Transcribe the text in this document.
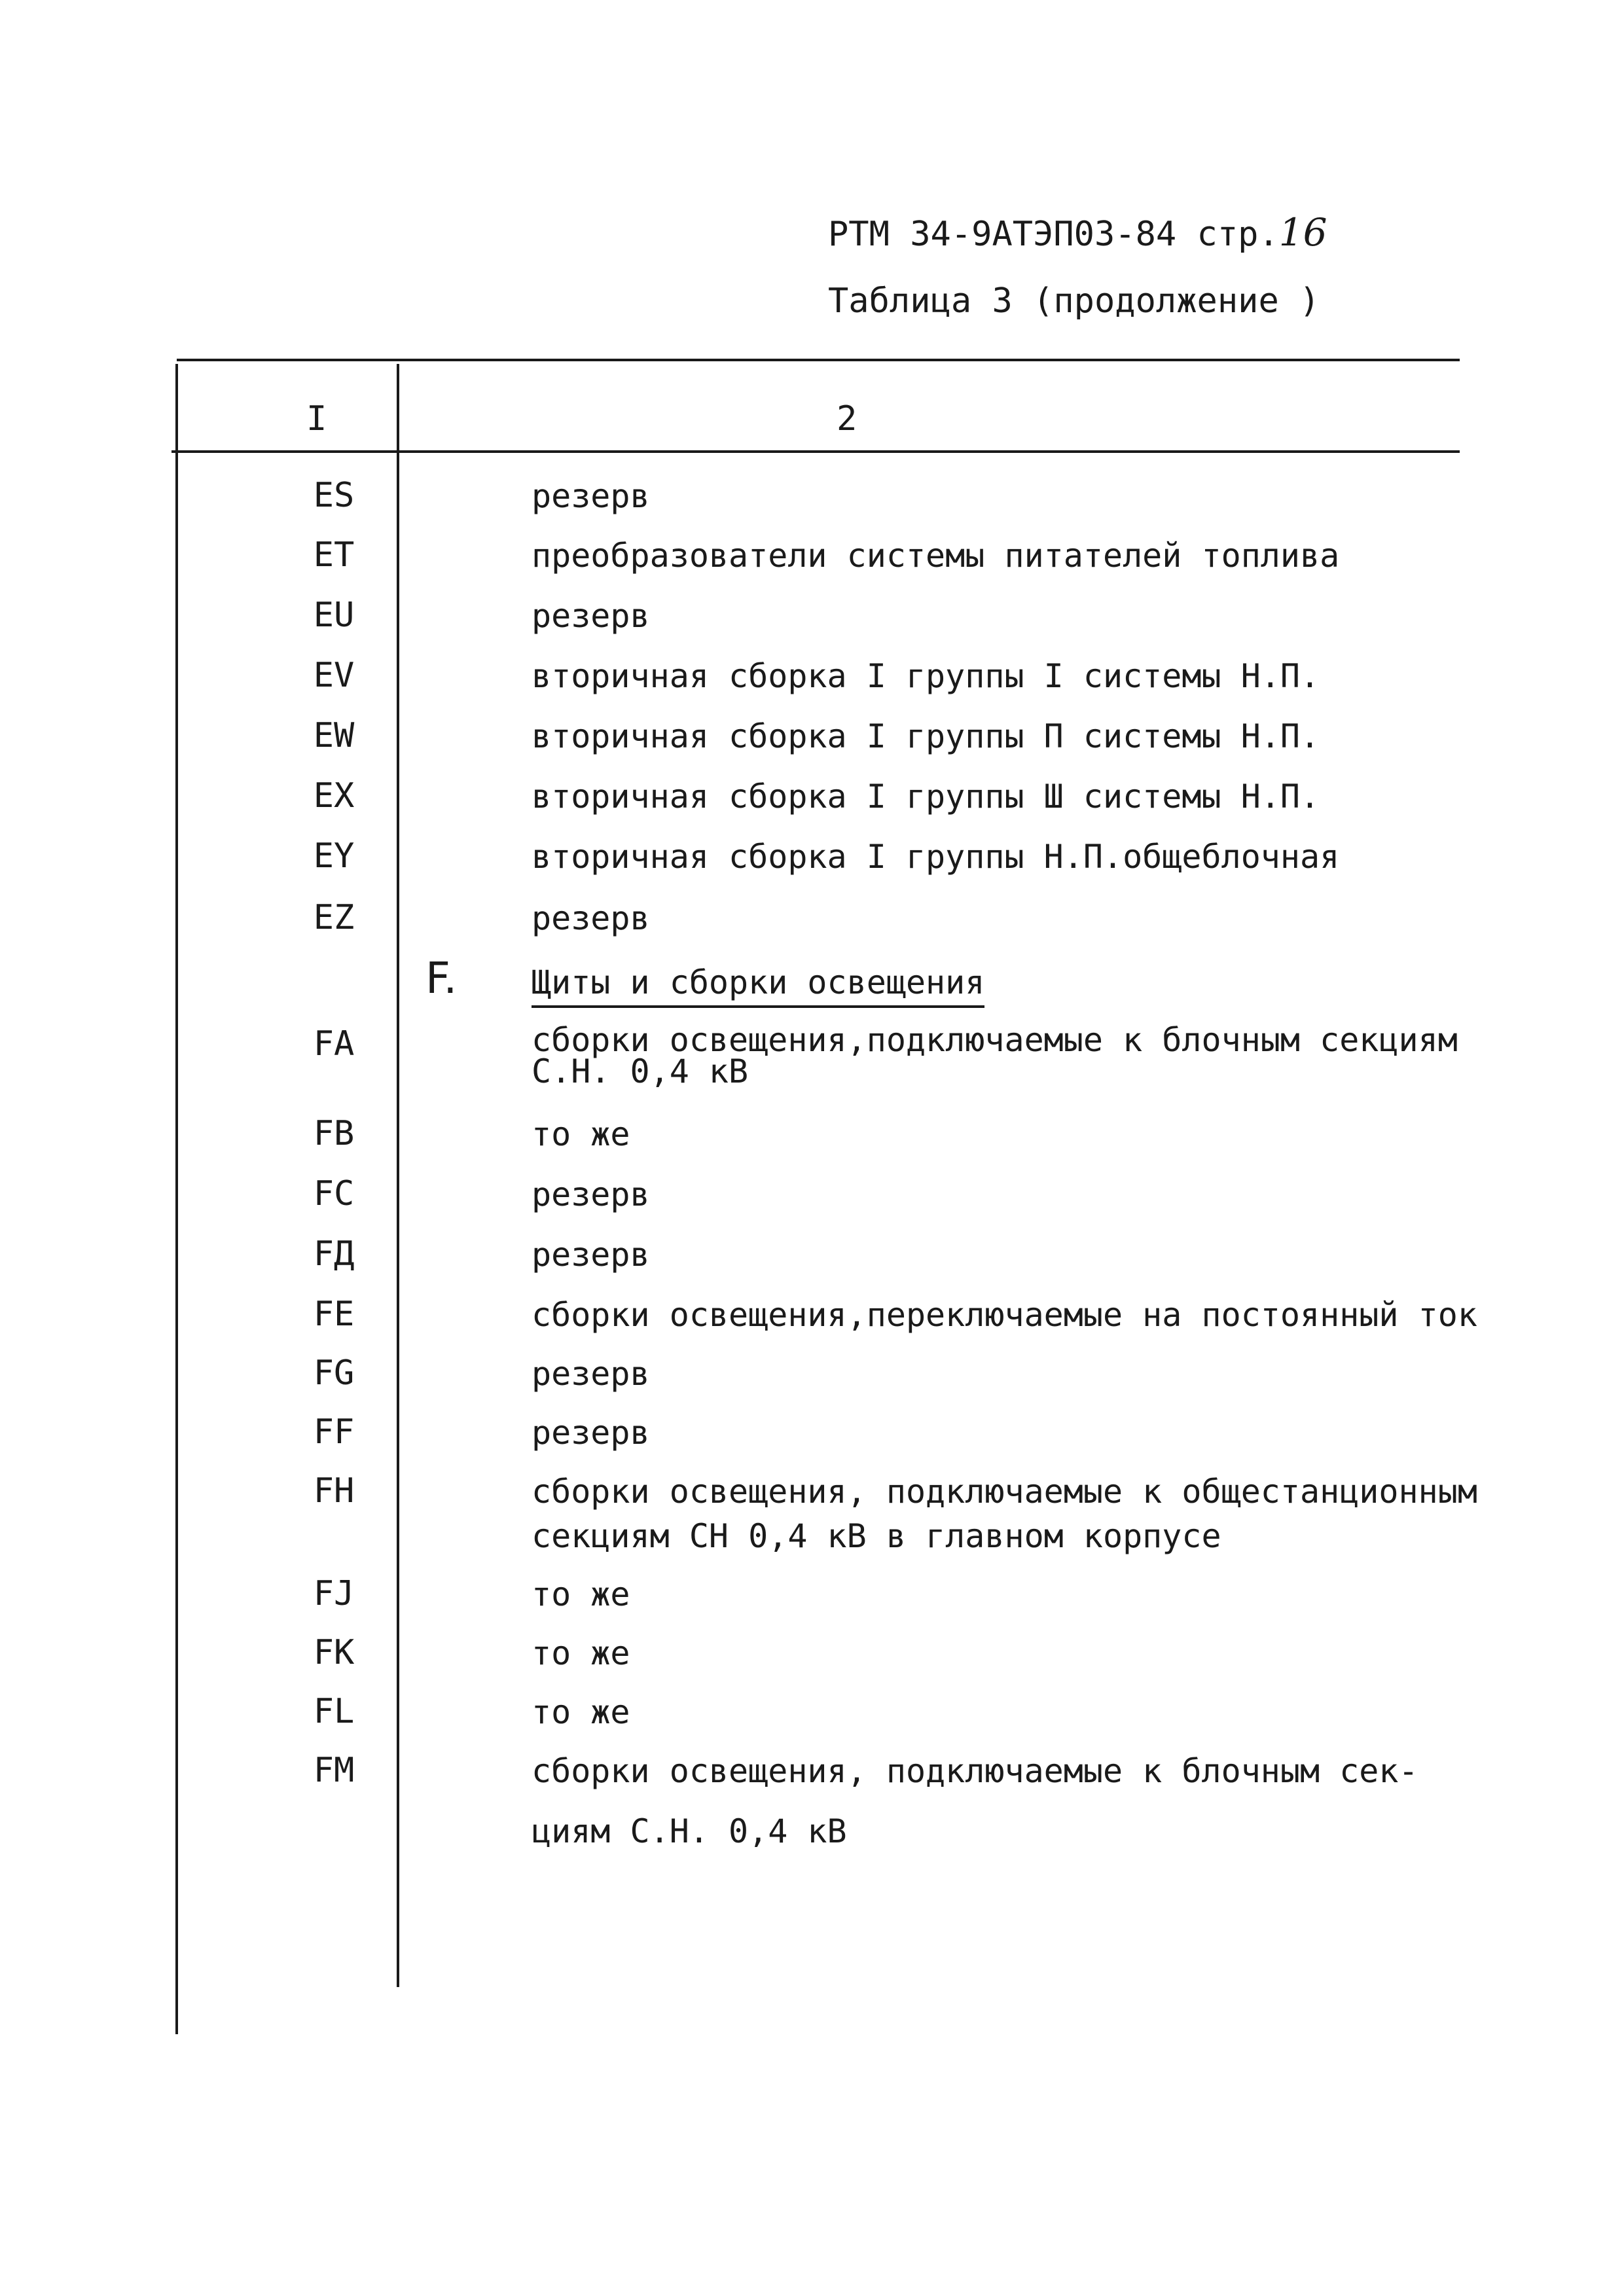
РТМ 34-9АТЭП03-84 стр.16
Таблица 3 (продолжение )
I	2
ES	резерв
ET	преобразователи системы питателей топлива
EU	резерв
EV	вторичная сборка I группы I системы Н.П.
EW	вторичная сборка I группы П системы Н.П.
EX	вторичная сборка I группы Ш системы Н.П.
EY	вторичная сборка I группы Н.П.общеблочная
EZ	резерв
F. Щиты и сборки освещения
FA	сборки освещения,подключаемые к блочным секциям
С.Н. 0,4 кВ
FB	то же
FC	резерв
FД	резерв
FE	сборки освещения,переключаемые на постоянный ток
FG	резерв
FF	резерв
FH	сборки освещения, подключаемые к общестанционным
секциям СН 0,4 кВ в главном корпусе
FJ	то же
FK	то же
FL	то же
FM	сборки освещения, подключаемые к блочным сек-
циям С.Н. 0,4 кВ
